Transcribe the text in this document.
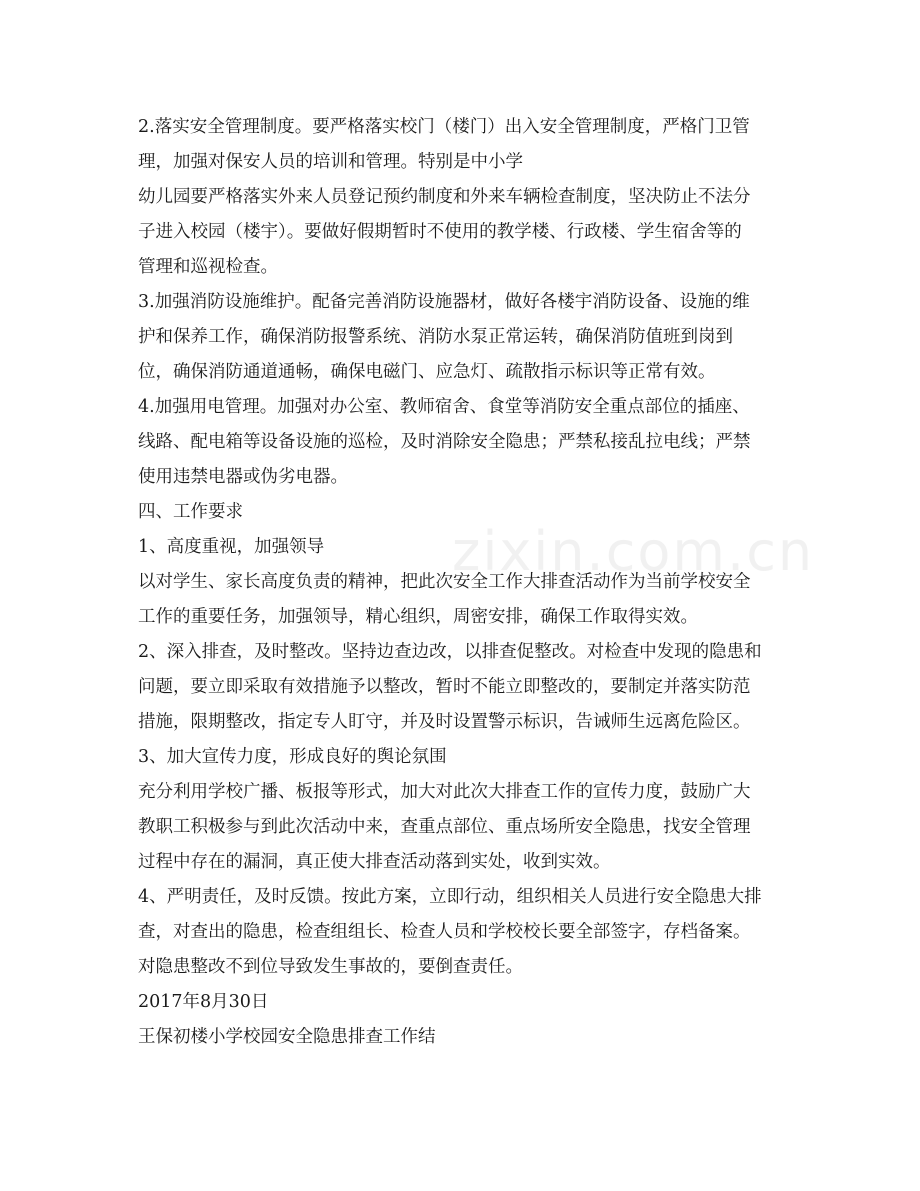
zixin.com.cn

2.落实安全管理制度。要严格落实校门（楼门）出入安全管理制度，严格门卫管

理，加强对保安人员的培训和管理。特别是中小学

幼儿园要严格落实外来人员登记预约制度和外来车辆检查制度，坚决防止不法分

子进入校园（楼宇）。要做好假期暂时不使用的教学楼、行政楼、学生宿舍等的

管理和巡视检查。

3.加强消防设施维护。配备完善消防设施器材，做好各楼宇消防设备、设施的维

护和保养工作，确保消防报警系统、消防水泵正常运转，确保消防值班到岗到

位，确保消防通道通畅，确保电磁门、应急灯、疏散指示标识等正常有效。

4.加强用电管理。加强对办公室、教师宿舍、食堂等消防安全重点部位的插座、

线路、配电箱等设备设施的巡检，及时消除安全隐患；严禁私接乱拉电线；严禁

使用违禁电器或伪劣电器。

四、工作要求

1、高度重视，加强领导

以对学生、家长高度负责的精神，把此次安全工作大排查活动作为当前学校安全

工作的重要任务，加强领导，精心组织，周密安排，确保工作取得实效。

2、深入排查，及时整改。坚持边查边改，以排查促整改。对检查中发现的隐患和

问题，要立即采取有效措施予以整改，暂时不能立即整改的，要制定并落实防范

措施，限期整改，指定专人盯守，并及时设置警示标识，告诫师生远离危险区。

3、加大宣传力度，形成良好的舆论氛围

充分利用学校广播、板报等形式，加大对此次大排查工作的宣传力度，鼓励广大

教职工积极参与到此次活动中来，查重点部位、重点场所安全隐患，找安全管理

过程中存在的漏洞，真正使大排查活动落到实处，收到实效。

4、严明责任，及时反馈。按此方案，立即行动，组织相关人员进行安全隐患大排

查，对查出的隐患，检查组组长、检查人员和学校校长要全部签字，存档备案。

对隐患整改不到位导致发生事故的，要倒查责任。

2017年8月30日

王保初楼小学校园安全隐患排查工作结
